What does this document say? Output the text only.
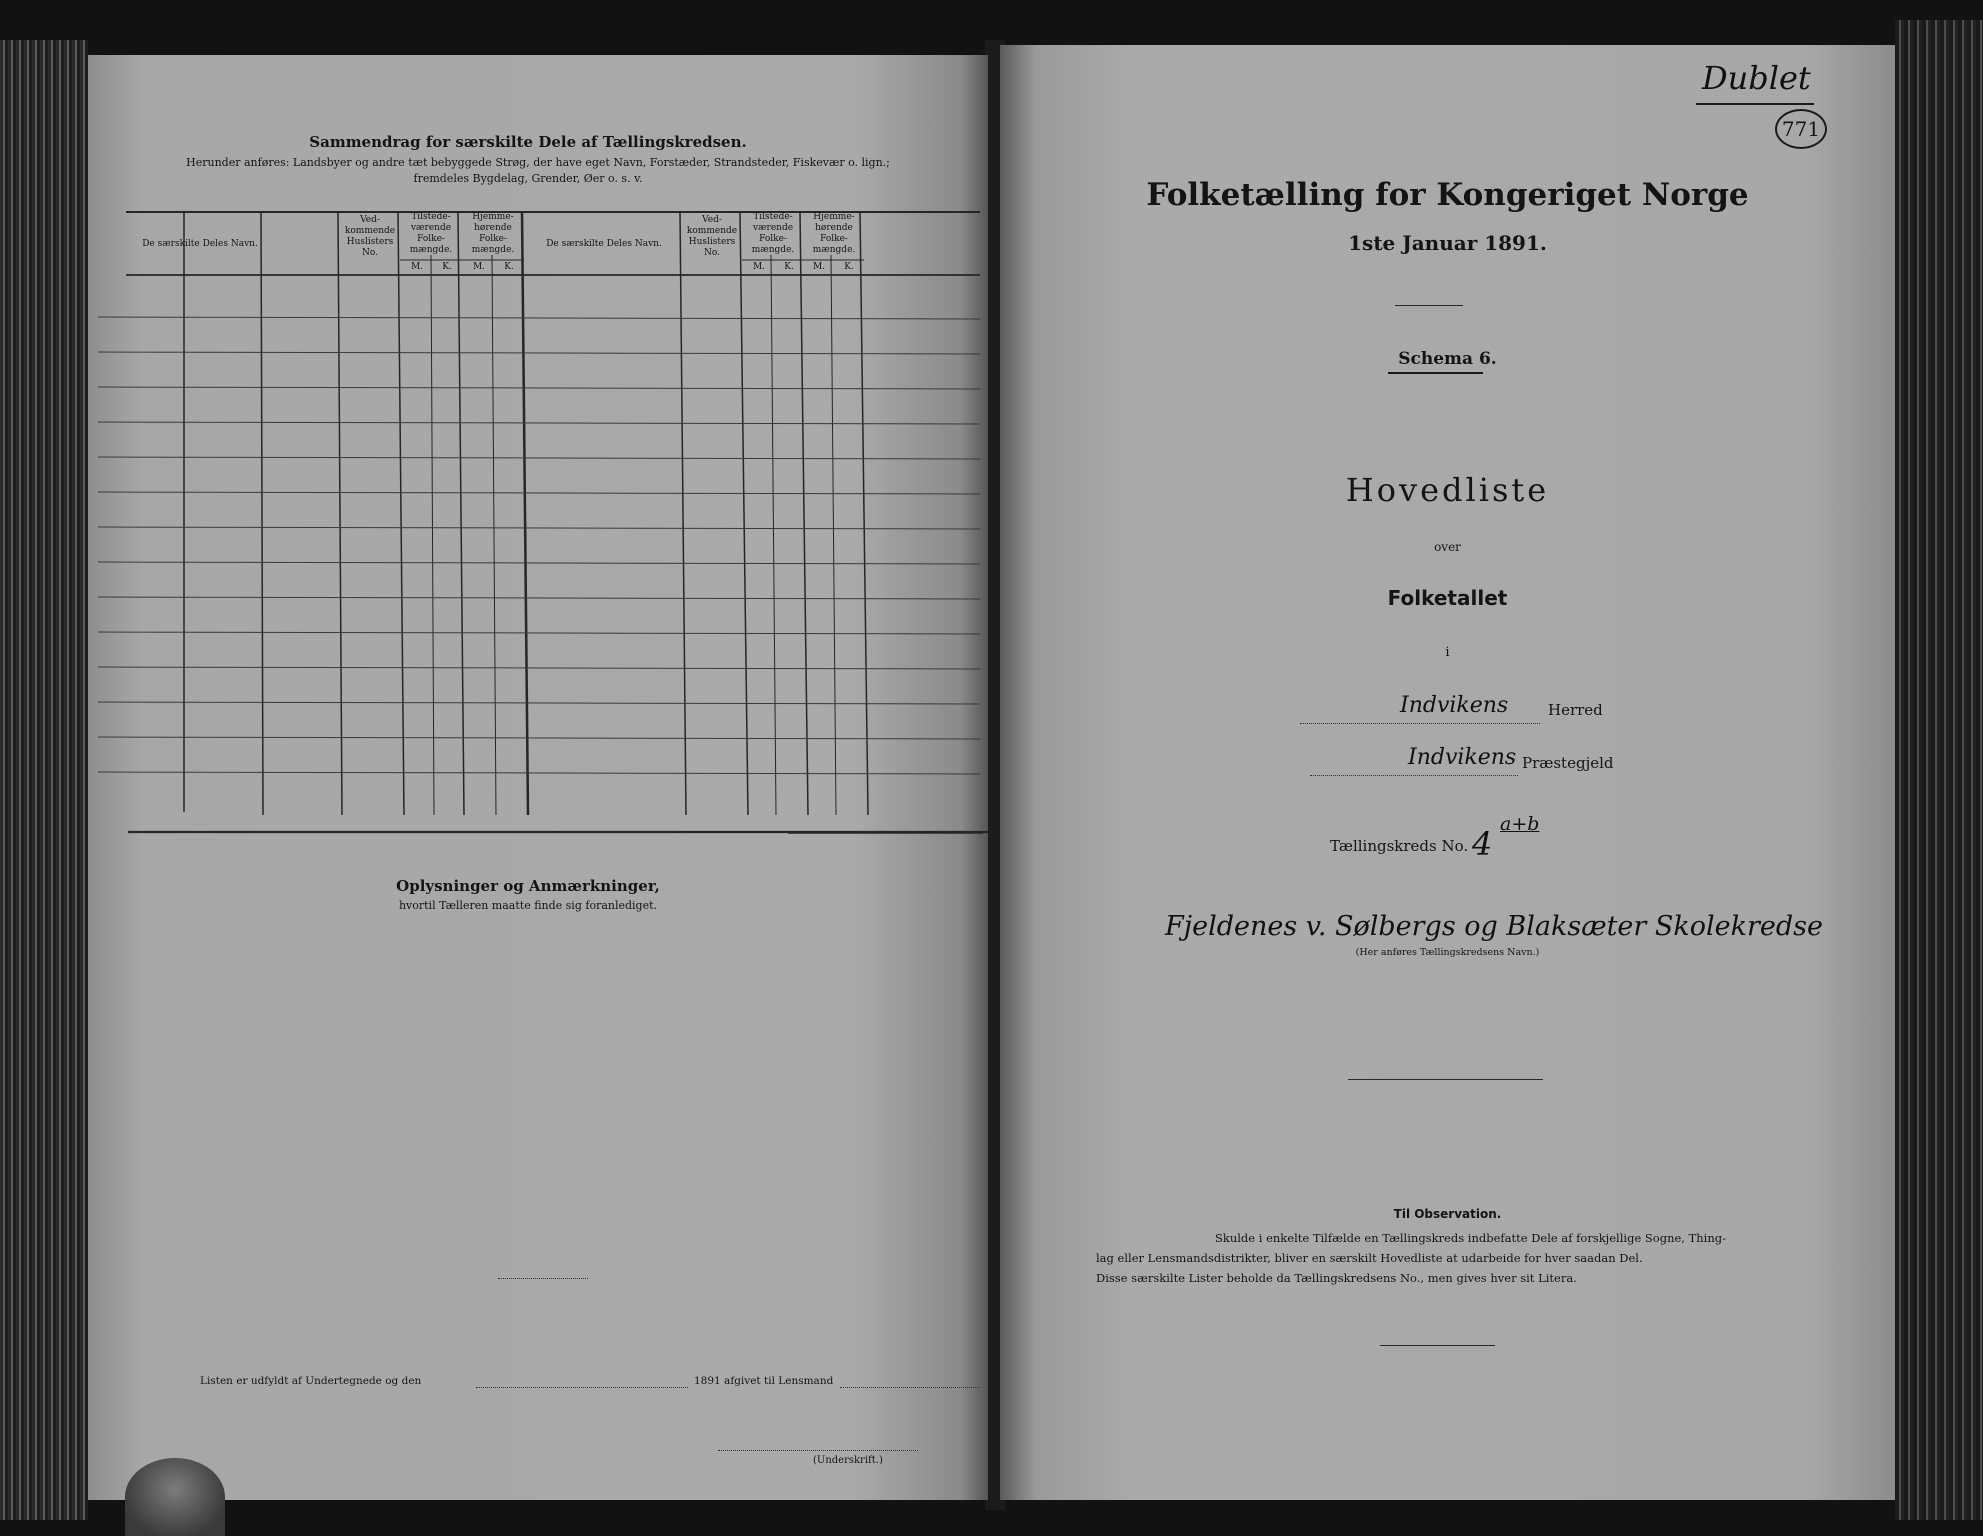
Sammendrag for særskilte Dele af Tællingskredsen.
Herunder anføres: Landsbyer og andre tæt bebyggede Strøg, der have eget Navn, Forstæder, Strandsteder, Fiskevær o. lign.;
fremdeles Bygdelag, Grender, Øer o. s. v.
De særskilte Deles Navn.
Ved-
kommende
Huslisters
No.
Tilstede-
værende
Folke-
mængde.
Hjemme-
hørende
Folke-
mængde.
M.	K.	M.	K.
De særskilte Deles Navn.
Ved-
kommende
Huslisters
No.
Tilstede-
værende
Folke-
mængde.
Hjemme-
hørende
Folke-
mængde.
M.	K.	M.	K.
Oplysninger og Anmærkninger,
hvortil Tælleren maatte finde sig foranlediget.
Listen er udfyldt af Undertegnede og den	1891 afgivet til Lensmand
(Underskrift.)
Dublet
771
Folketælling for Kongeriget Norge
1ste Januar 1891.
Schema 6.
Hovedliste
over
Folketallet
i
Indvikens	Herred
Indvikens Præstegjeld
Tællingskreds No. 4
a+b
Fjeldenes v. Sølbergs og Blaksæter Skolekredse
(Her anføres Tællingskredsens Navn.)
Til Observation.
Skulde i enkelte Tilfælde en Tællingskreds indbefatte Dele af forskjellige Sogne, Thing-
lag eller Lensmandsdistrikter, bliver en særskilt Hovedliste at udarbeide for hver saadan Del.
Disse særskilte Lister beholde da Tællingskredsens No., men gives hver sit Litera.
